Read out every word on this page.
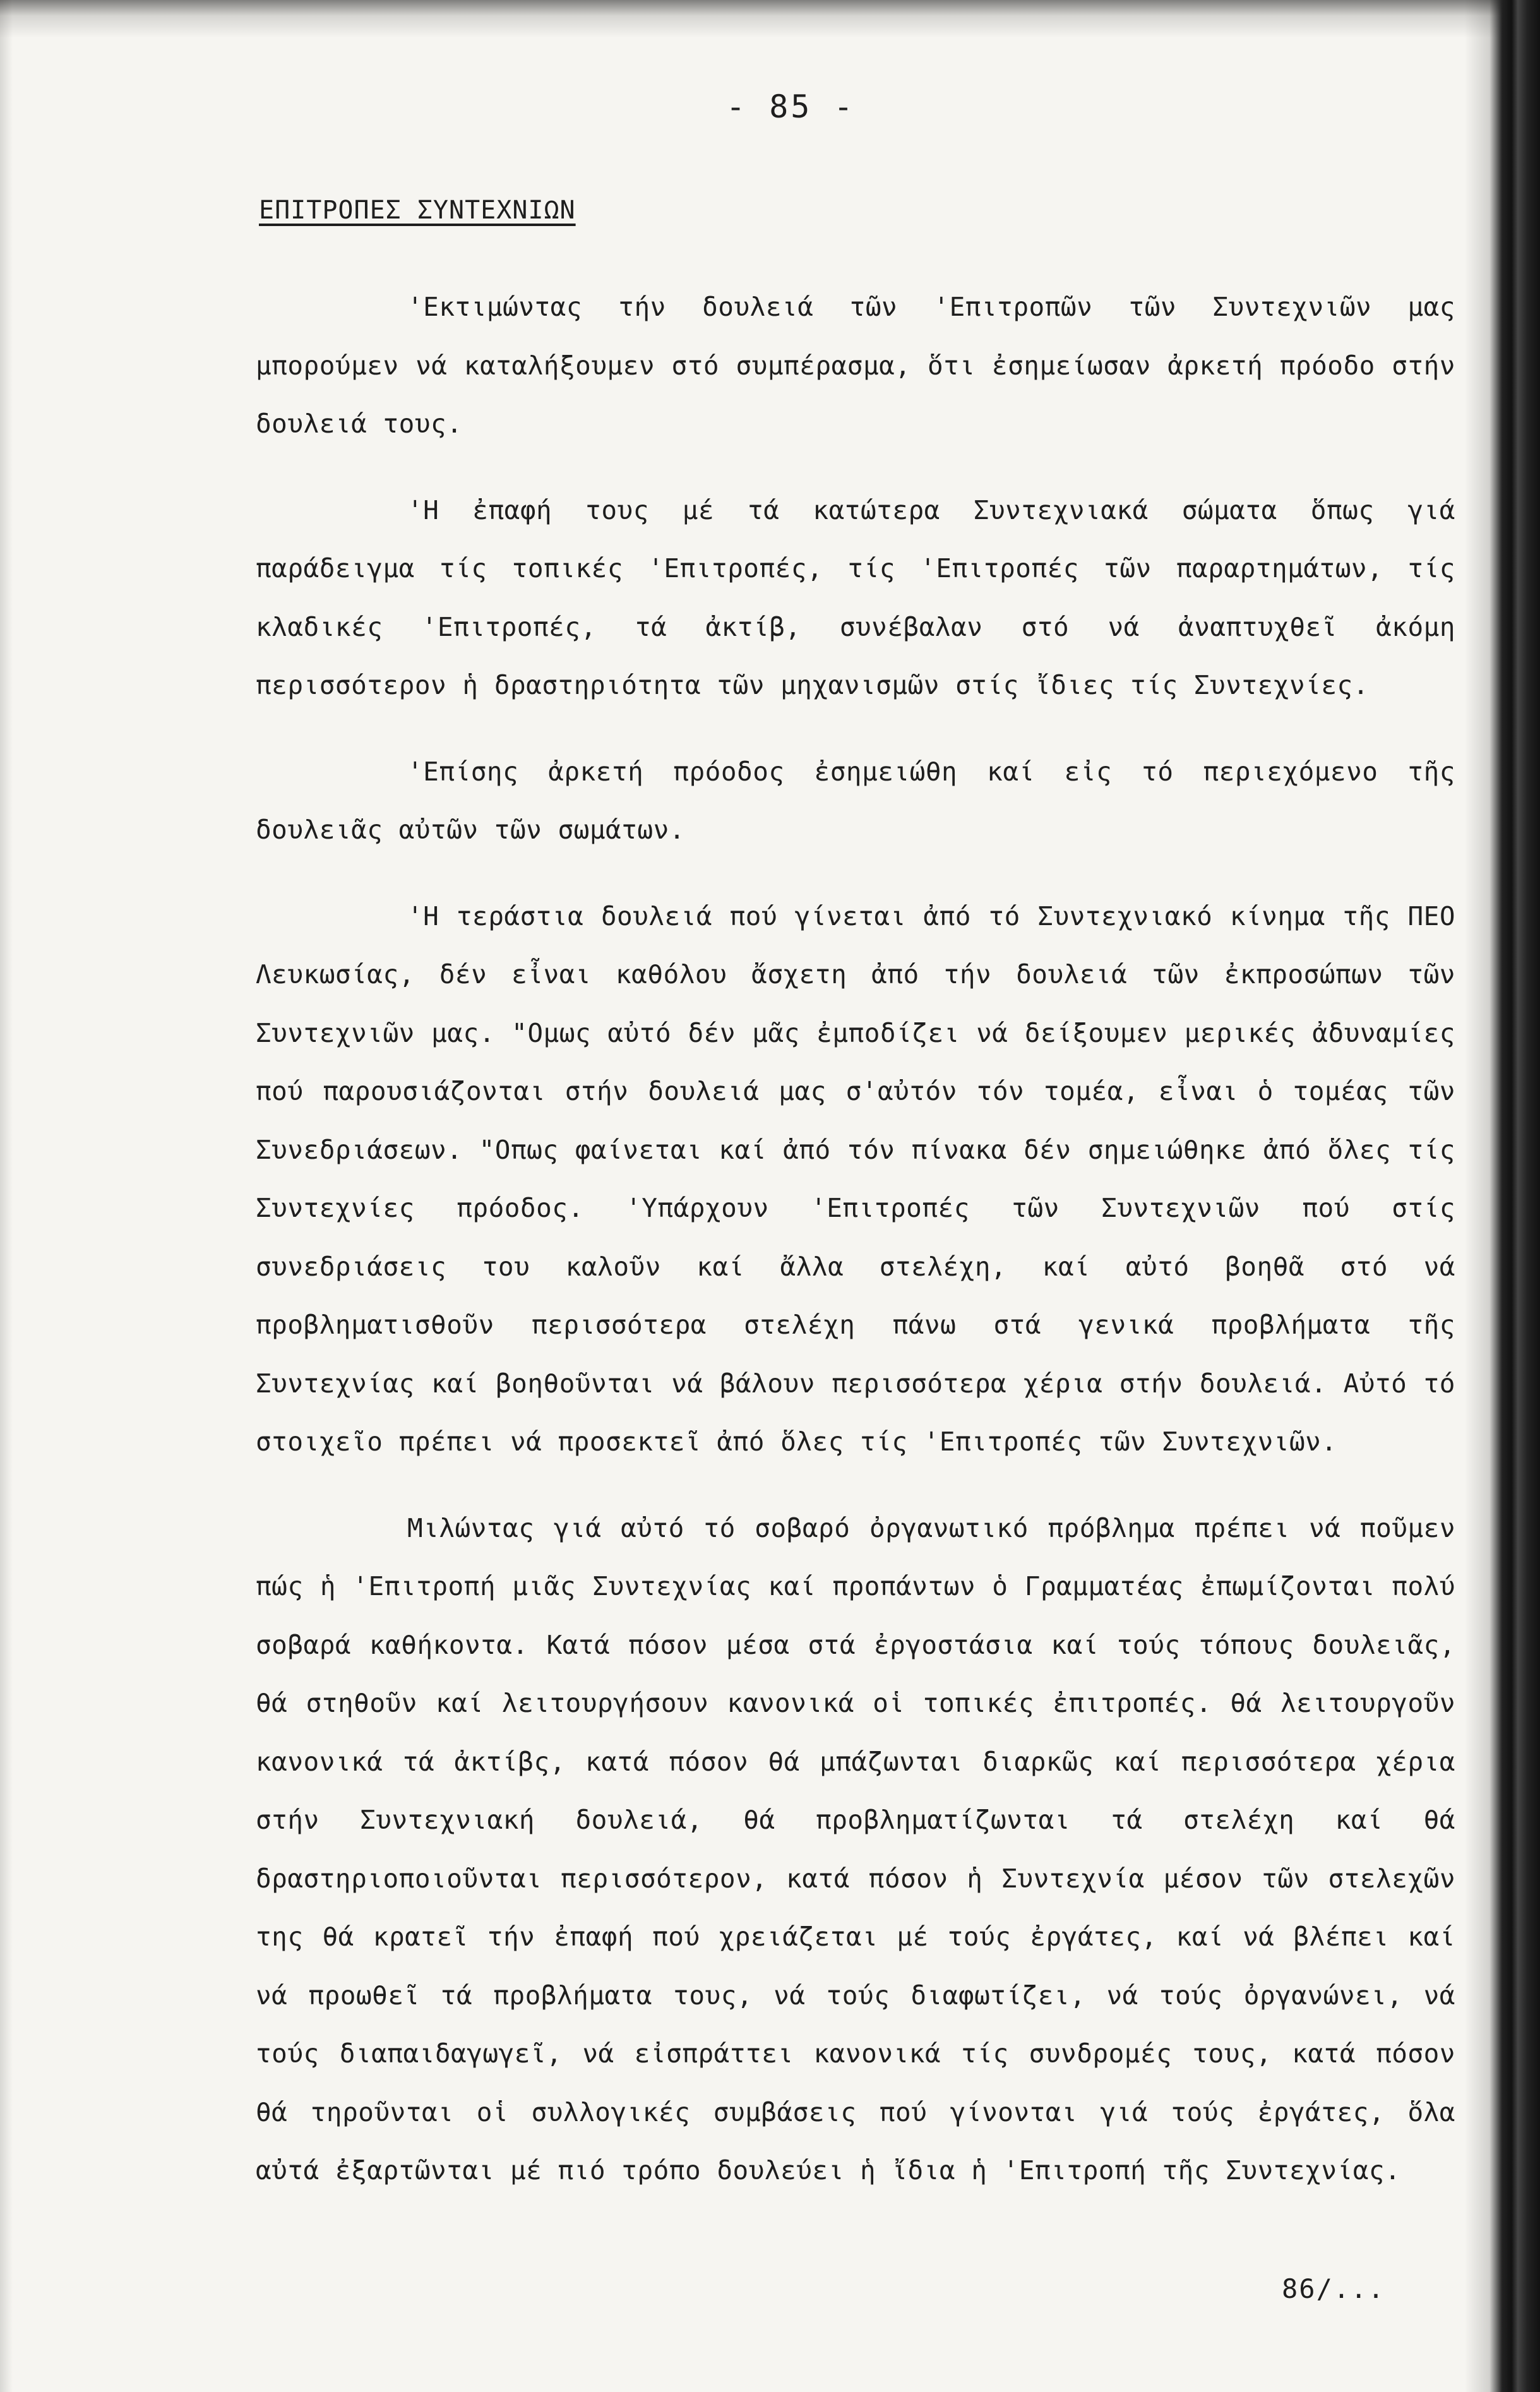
- 85 -
ΕΠΙΤΡΟΠΕΣ ΣΥΝΤΕΧΝΙΩΝ

'Εκτιμώντας τήν δουλειά τῶν 'Επιτροπῶν τῶν Συντεχνιῶν μας μπορούμεν νά καταλήξουμεν στό συμπέρασμα, ὅτι ἐσημείωσαν ἀρκετή πρόοδο στήν δουλειά τους.

'Η ἐπαφή τους μέ τά κατώτερα Συντεχνιακά σώματα ὅπως γιά παράδειγμα τίς τοπικές 'Επιτροπές, τίς 'Επιτροπές τῶν παραρτημάτων, τίς κλαδικές 'Επιτροπές, τά ἀκτίβ, συνέβαλαν στό νά ἀναπτυχθεῖ ἀκόμη περισσότερον ἡ δραστηριότητα τῶν μηχανισμῶν στίς ἴδιες τίς Συντεχνίες.

'Επίσης ἀρκετή πρόοδος ἐσημειώθη καί εἰς τό περιεχόμενο τῆς δουλειᾶς αὐτῶν τῶν σωμάτων.

'Η τεράστια δουλειά πού γίνεται ἀπό τό Συντεχνιακό κίνημα τῆς ΠΕΟ Λευκωσίας, δέν εἶναι καθόλου ἄσχετη ἀπό τήν δουλειά τῶν ἐκπροσώπων τῶν Συντεχνιῶν μας. "Ομως αὐτό δέν μᾶς ἐμποδίζει νά δείξουμεν μερικές ἀδυναμίες πού παρουσιάζονται στήν δουλειά μας σ'αὐτόν τόν τομέα, εἶναι ὁ τομέας τῶν Συνεδριάσεων. "Οπως φαίνεται καί ἀπό τόν πίνακα δέν σημειώθηκε ἀπό ὅλες τίς Συντεχνίες πρόοδος. 'Υπάρχουν 'Επιτροπές τῶν Συντεχνιῶν πού στίς συνεδριάσεις του καλοῦν καί ἄλλα στελέχη, καί αὐτό βοηθᾶ στό νά προβληματισθοῦν περισσότερα στελέχη πάνω στά γενικά προβλήματα τῆς Συντεχνίας καί βοηθοῦνται νά βάλουν περισσότερα χέρια στήν δουλειά. Αὐτό τό στοιχεῖο πρέπει νά προσεκτεῖ ἀπό ὅλες τίς 'Επιτροπές τῶν Συντεχνιῶν.

Μιλώντας γιά αὐτό τό σοβαρό ὀργανωτικό πρόβλημα πρέπει νά ποῦμεν πώς ἡ 'Επιτροπή μιᾶς Συντεχνίας καί προπάντων ὁ Γραμματέας ἐπωμίζονται πολύ σοβαρά καθήκοντα. Κατά πόσον μέσα στά ἐργοστάσια καί τούς τόπους δουλειᾶς, θά στηθοῦν καί λειτουργήσουν κανονικά οἱ τοπικές ἐπιτροπές. θά λειτουργοῦν κανονικά τά ἀκτίβς, κατά πόσον θά μπάζωνται διαρκῶς καί περισσότερα χέρια στήν Συντεχνιακή δουλειά, θά προβληματίζωνται τά στελέχη καί θά δραστηριοποιοῦνται περισσότερον, κατά πόσον ἡ Συντεχνία μέσον τῶν στελεχῶν της θά κρατεῖ τήν ἐπαφή πού χρειάζεται μέ τούς ἐργάτες, καί νά βλέπει καί νά προωθεῖ τά προβλήματα τους, νά τούς διαφωτίζει, νά τούς ὀργανώνει, νά τούς διαπαιδαγωγεῖ, νά εἰσπράττει κανονικά τίς συνδρομές τους, κατά πόσον θά τηροῦνται οἱ συλλογικές συμβάσεις πού γίνονται γιά τούς ἐργάτες, ὅλα αὐτά ἐξαρτῶνται μέ πιό τρόπο δουλεύει ἡ ἴδια ἡ 'Επιτροπή τῆς Συντεχνίας.

86/...
